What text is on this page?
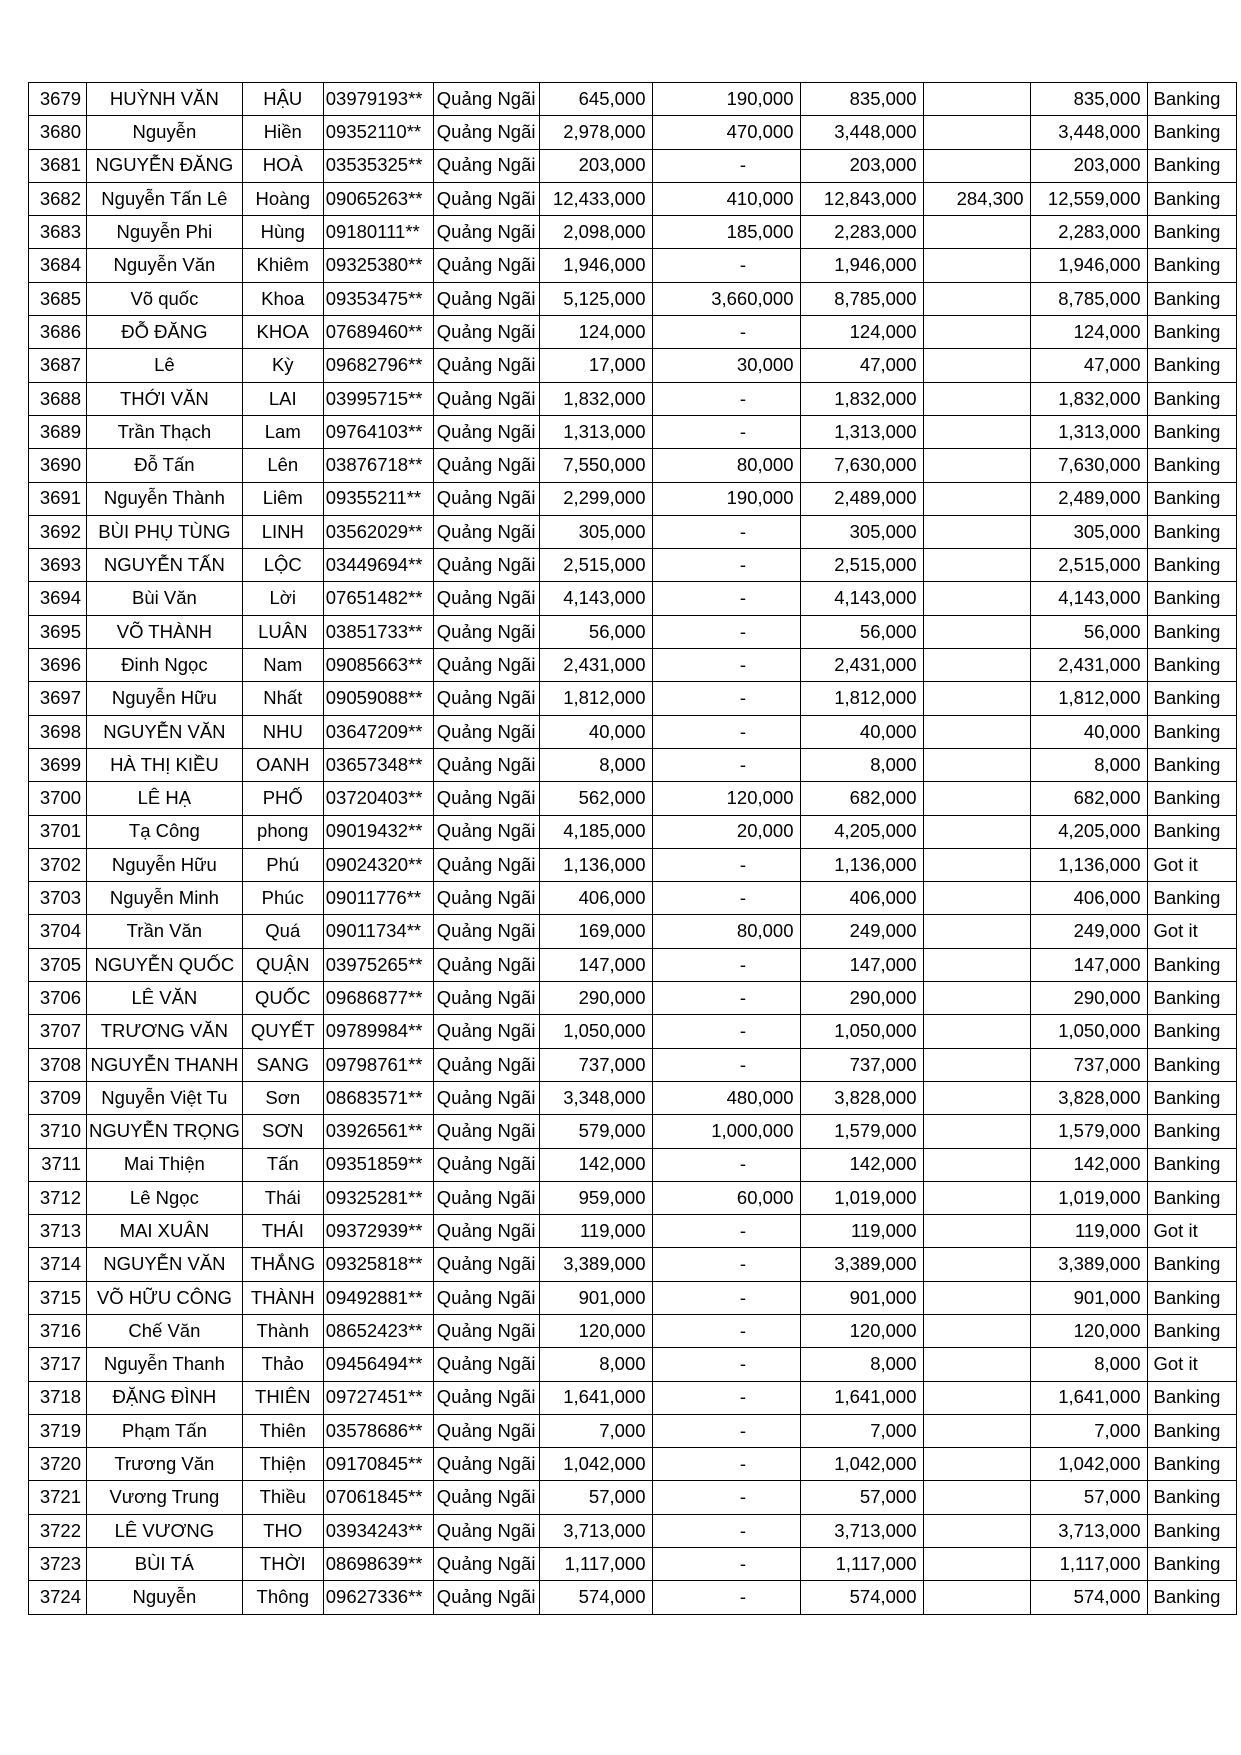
3679	HUỲNH VĂN	HẬU	03979193**	Quảng Ngãi	645,000	190,000	835,000		835,000	Banking
3680	Nguyễn	Hiền	09352110**	Quảng Ngãi	2,978,000	470,000	3,448,000		3,448,000	Banking
3681	NGUYỄN ĐĂNG	HOÀ	03535325**	Quảng Ngãi	203,000	-	203,000		203,000	Banking
3682	Nguyễn Tấn Lê	Hoàng	09065263**	Quảng Ngãi	12,433,000	410,000	12,843,000	284,300	12,559,000	Banking
3683	Nguyễn Phi	Hùng	09180111**	Quảng Ngãi	2,098,000	185,000	2,283,000		2,283,000	Banking
3684	Nguyễn Văn	Khiêm	09325380**	Quảng Ngãi	1,946,000	-	1,946,000		1,946,000	Banking
3685	Võ quốc	Khoa	09353475**	Quảng Ngãi	5,125,000	3,660,000	8,785,000		8,785,000	Banking
3686	ĐỖ ĐĂNG	KHOA	07689460**	Quảng Ngãi	124,000	-	124,000		124,000	Banking
3687	Lê	Kỳ	09682796**	Quảng Ngãi	17,000	30,000	47,000		47,000	Banking
3688	THỚI VĂN	LAI	03995715**	Quảng Ngãi	1,832,000	-	1,832,000		1,832,000	Banking
3689	Trần Thạch	Lam	09764103**	Quảng Ngãi	1,313,000	-	1,313,000		1,313,000	Banking
3690	Đỗ Tấn	Lên	03876718**	Quảng Ngãi	7,550,000	80,000	7,630,000		7,630,000	Banking
3691	Nguyễn Thành	Liêm	09355211**	Quảng Ngãi	2,299,000	190,000	2,489,000		2,489,000	Banking
3692	BÙI PHỤ TÙNG	LINH	03562029**	Quảng Ngãi	305,000	-	305,000		305,000	Banking
3693	NGUYỄN TẤN	LỘC	03449694**	Quảng Ngãi	2,515,000	-	2,515,000		2,515,000	Banking
3694	Bùi Văn	Lời	07651482**	Quảng Ngãi	4,143,000	-	4,143,000		4,143,000	Banking
3695	VÕ THÀNH	LUÂN	03851733**	Quảng Ngãi	56,000	-	56,000		56,000	Banking
3696	Đinh Ngọc	Nam	09085663**	Quảng Ngãi	2,431,000	-	2,431,000		2,431,000	Banking
3697	Nguyễn Hữu	Nhất	09059088**	Quảng Ngãi	1,812,000	-	1,812,000		1,812,000	Banking
3698	NGUYỄN VĂN	NHU	03647209**	Quảng Ngãi	40,000	-	40,000		40,000	Banking
3699	HÀ THỊ KIỀU	OANH	03657348**	Quảng Ngãi	8,000	-	8,000		8,000	Banking
3700	LÊ HẠ	PHỐ	03720403**	Quảng Ngãi	562,000	120,000	682,000		682,000	Banking
3701	Tạ Công	phong	09019432**	Quảng Ngãi	4,185,000	20,000	4,205,000		4,205,000	Banking
3702	Nguyễn Hữu	Phú	09024320**	Quảng Ngãi	1,136,000	-	1,136,000		1,136,000	Got it
3703	Nguyễn Minh	Phúc	09011776**	Quảng Ngãi	406,000	-	406,000		406,000	Banking
3704	Trần Văn	Quá	09011734**	Quảng Ngãi	169,000	80,000	249,000		249,000	Got it
3705	NGUYỄN QUỐC	QUẬN	03975265**	Quảng Ngãi	147,000	-	147,000		147,000	Banking
3706	LÊ VĂN	QUỐC	09686877**	Quảng Ngãi	290,000	-	290,000		290,000	Banking
3707	TRƯƠNG VĂN	QUYẾT	09789984**	Quảng Ngãi	1,050,000	-	1,050,000		1,050,000	Banking
3708	NGUYỄN THANH	SANG	09798761**	Quảng Ngãi	737,000	-	737,000		737,000	Banking
3709	Nguyễn Việt Tu	Sơn	08683571**	Quảng Ngãi	3,348,000	480,000	3,828,000		3,828,000	Banking
3710	NGUYỄN TRỌNG	SƠN	03926561**	Quảng Ngãi	579,000	1,000,000	1,579,000		1,579,000	Banking
3711	Mai Thiện	Tấn	09351859**	Quảng Ngãi	142,000	-	142,000		142,000	Banking
3712	Lê Ngọc	Thái	09325281**	Quảng Ngãi	959,000	60,000	1,019,000		1,019,000	Banking
3713	MAI XUÂN	THÁI	09372939**	Quảng Ngãi	119,000	-	119,000		119,000	Got it
3714	NGUYỄN VĂN	THẮNG	09325818**	Quảng Ngãi	3,389,000	-	3,389,000		3,389,000	Banking
3715	VÕ HỮU CÔNG	THÀNH	09492881**	Quảng Ngãi	901,000	-	901,000		901,000	Banking
3716	Chế Văn	Thành	08652423**	Quảng Ngãi	120,000	-	120,000		120,000	Banking
3717	Nguyễn Thanh	Thảo	09456494**	Quảng Ngãi	8,000	-	8,000		8,000	Got it
3718	ĐẶNG ĐÌNH	THIÊN	09727451**	Quảng Ngãi	1,641,000	-	1,641,000		1,641,000	Banking
3719	Phạm Tấn	Thiên	03578686**	Quảng Ngãi	7,000	-	7,000		7,000	Banking
3720	Trương Văn	Thiện	09170845**	Quảng Ngãi	1,042,000	-	1,042,000		1,042,000	Banking
3721	Vương Trung	Thiều	07061845**	Quảng Ngãi	57,000	-	57,000		57,000	Banking
3722	LÊ VƯƠNG	THO	03934243**	Quảng Ngãi	3,713,000	-	3,713,000		3,713,000	Banking
3723	BÙI TÁ	THỜI	08698639**	Quảng Ngãi	1,117,000	-	1,117,000		1,117,000	Banking
3724	Nguyễn	Thông	09627336**	Quảng Ngãi	574,000	-	574,000		574,000	Banking
